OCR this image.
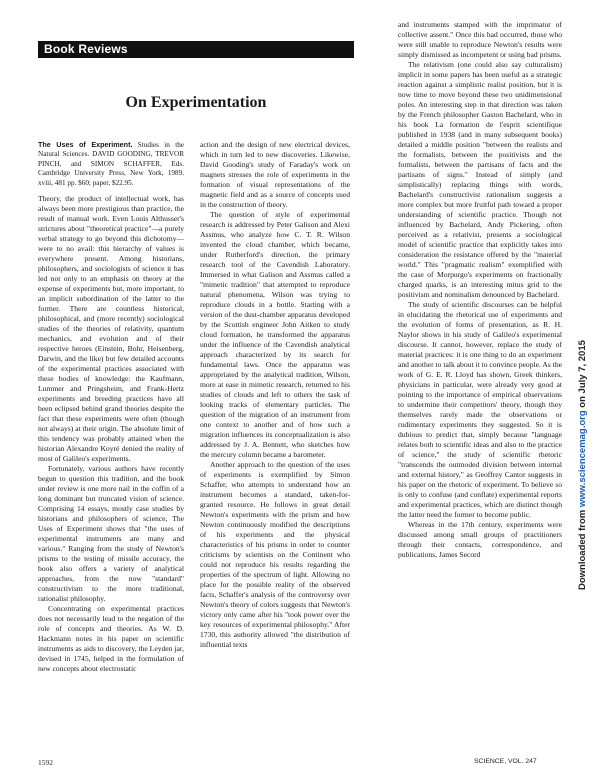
Book Reviews
On Experimentation

The Uses of Experiment. Studies in the Natural Sciences. DAVID GOODING, TREVOR PINCH, and SIMON SCHAFFER, Eds. Cambridge University Press, New York, 1989. xviii, 481 pp. $60; paper, $22.95.

Theory, the product of intellectual work, has always been more prestigious than practice, the result of manual work. Even Louis Althusser's strictures about "theoretical practice"—a purely verbal strategy to go beyond this dichotomy—were to no avail: this hierarchy of values is everywhere present. Among historians, philosophers, and sociologists of science it has led not only to an emphasis on theory at the expense of experiments but, more important, to an implicit subordination of the latter to the former. There are countless historical, philosophical, and (more recently) sociological studies of the theories of relativity, quantum mechanics, and evolution and of their respective heroes (Einstein, Bohr, Heisenberg, Darwin, and the like) but few detailed accounts of the experimental practices associated with these bodies of knowledge: the Kaufmann, Lummer and Pringsheim, and Frank-Hertz experiments and breeding practices have all been eclipsed behind grand theories despite the fact that these experiments were often (though not always) at their origin. The absolute limit of this tendency was probably attained when the historian Alexandre Koyré denied the reality of most of Galileo's experiments.

Fortunately, various authors have recently begun to question this tradition, and the book under review is one more nail in the coffin of a long dominant but truncated vision of science. Comprising 14 essays, mostly case studies by historians and philosophers of science, The Uses of Experiment shows that "the uses of experimental instruments are many and various." Ranging from the study of Newton's prisms to the testing of missile accuracy, the book also offers a variety of analytical approaches, from the now "standard" constructivism to the more traditional, rationalist philosophy.

Concentrating on experimental practices does not necessarily lead to the negation of the role of concepts and theories. As W. D. Hackmann notes in his paper on scientific instruments as aids to discovery, the Leyden jar, devised in 1745, helped in the formulation of new concepts about electrostatic

action and the design of new electrical devices, which in turn led to new discoveries. Likewise, David Gooding's study of Faraday's work on magnets stresses the role of experiments in the formation of visual representations of the magnetic field and as a source of concepts used in the construction of theory.

The question of style of experimental research is addressed by Peter Galison and Alexi Assmus, who analyze how C. T. R. Wilson invented the cloud chamber, which became, under Rutherford's direction, the primary research tool of the Cavendish Laboratory. Immersed in what Galison and Assmus called a "mimetic tradition" that attempted to reproduce natural phenomena, Wilson was trying to reproduce clouds in a bottle. Starting with a version of the dust-chamber apparatus developed by the Scottish engineer John Aitken to study cloud formation, he transformed the apparatus under the influence of the Cavendish analytical approach characterized by its search for fundamental laws. Once the apparatus was appropriated by the analytical tradition, Wilson, more at ease in mimetic research, returned to his studies of clouds and left to others the task of looking tracks of elementary particles. The question of the migration of an instrument from one context to another and of how such a migration influences its conceptualization is also addressed by J. A. Bennett, who sketches how the mercury column became a barometer.

Another approach to the question of the uses of experiments is exemplified by Simon Schaffer, who attempts to understand how an instrument becomes a standard, taken-for-granted resource. He follows in great detail Newton's experiments with the prism and how Newton continuously modified the descriptions of his experiments and the physical characteristics of his prisms in order to counter criticisms by scientists on the Continent who could not reproduce his results regarding the properties of the spectrum of light. Allowing no place for the possible reality of the observed facts, Schaffer's analysis of the controversy over Newton's theory of colors suggests that Newton's victory only came after his "took power over the key resources of experimental philosophy." After 1730, this authority allowed "the distribution of influential texts

and instruments stamped with the imprimatur of collective assent." Once this had occurred, those who were still unable to reproduce Newton's results were simply dismissed as incompetent or using bad prisms.

The relativism (one could also say culturalism) implicit in some papers has been useful as a strategic reaction against a simplistic realist position, but it is now time to move beyond these two unidimensional poles. An interesting step in that direction was taken by the French philosopher Gaston Bachelard, who in his book La formation de l'esprit scientifique published in 1938 (and in many subsequent books) detailed a middle position "between the realists and the formalists, between the positivists and the formalists, between the partisans of facts and the partisans of signs." Instead of simply (and simplistically) replacing things with words, Bachelard's constructivist rationalism suggests a more complex but more fruitful path toward a proper understanding of scientific practice. Though not influenced by Bachelard, Andy Pickering, often perceived as a relativist, presents a sociological model of scientific practice that explicitly takes into consideration the resistance offered by the "material world." This "pragmatic realism" exemplified with the case of Morpurgo's experiments on fractionally charged quarks, is an interesting mitus grid to the positivism and nominalism denounced by Bachelard.

The study of scientific discourses can be helpful in elucidating the rhetorical use of experiments and the evolution of forms of presentation, as R. H. Naylor shows in his study of Galileo's experimental discourse. It cannot, however, replace the study of material practices: it is one thing to do an experiment and another to talk about it to convince people. As the work of G. E. R. Lloyd has shown, Greek thinkers, physicians in particular, were already very good at pointing to the importance of empirical observations to undermine their competitors' theory, though they themselves rarely made the observations or rudimentary experiments they suggested. So it is dubious to predict that, simply because "language relates both to scientific ideas and also to the practice of science," the study of scientific rhetoric "transcends the outmoded division between internal and external history," as Geoffrey Cantor suggests in his paper on the rhetoric of experiment. To believe so is only to confuse (and conflate) experimental reports and experimental practices, which are distinct though the latter need the former to become public.

Whereas in the 17th century, experiments were discussed among small groups of practitioners through their contacts, correspondence, and publications, James Secord	Downloaded from www.sciencemag.org on July 7, 2015
1592	SCIENCE, VOL. 247
